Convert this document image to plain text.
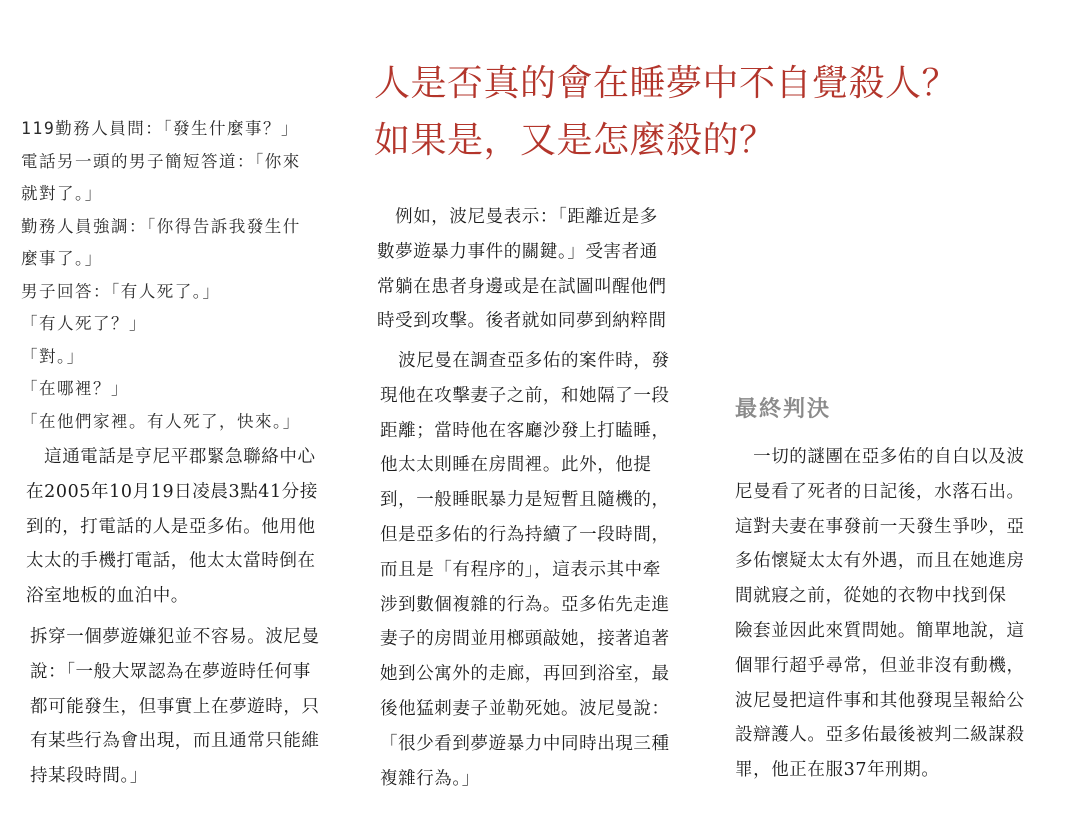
人是否真的會在睡夢中不自覺殺人？
如果是，又是怎麼殺的？
119勤務人員問：「發生什麼事？」
電話另一頭的男子簡短答道：「你來
就對了。」
勤務人員強調：「你得告訴我發生什
麼事了。」
男子回答：「有人死了。」
「有人死了？」
「對。」
「在哪裡？」
「在他們家裡。有人死了，快來。」
　這通電話是亨尼平郡緊急聯絡中心
在2005年10月19日凌晨3點41分接
到的，打電話的人是亞多佑。他用他
太太的手機打電話，他太太當時倒在
浴室地板的血泊中。
拆穿一個夢遊嫌犯並不容易。波尼曼
說：「一般大眾認為在夢遊時任何事
都可能發生，但事實上在夢遊時，只
有某些行為會出現，而且通常只能維
持某段時間。」
　例如，波尼曼表示：「距離近是多
數夢遊暴力事件的關鍵。」受害者通
常躺在患者身邊或是在試圖叫醒他們
時受到攻擊。後者就如同夢到納粹間
　波尼曼在調查亞多佑的案件時，發
現他在攻擊妻子之前，和她隔了一段
距離；當時他在客廳沙發上打瞌睡，
他太太則睡在房間裡。此外，他提
到，一般睡眠暴力是短暫且隨機的，
但是亞多佑的行為持續了一段時間，
而且是「有程序的」，這表示其中牽
涉到數個複雜的行為。亞多佑先走進
妻子的房間並用榔頭敲她，接著追著
她到公寓外的走廊，再回到浴室，最
後他猛刺妻子並勒死她。波尼曼說：
「很少看到夢遊暴力中同時出現三種
複雜行為。」
最終判決
　一切的謎團在亞多佑的自白以及波
尼曼看了死者的日記後，水落石出。
這對夫妻在事發前一天發生爭吵，亞
多佑懷疑太太有外遇，而且在她進房
間就寢之前，從她的衣物中找到保
險套並因此來質問她。簡單地說，這
個罪行超乎尋常，但並非沒有動機，
波尼曼把這件事和其他發現呈報給公
設辯護人。亞多佑最後被判二級謀殺
罪，他正在服37年刑期。
